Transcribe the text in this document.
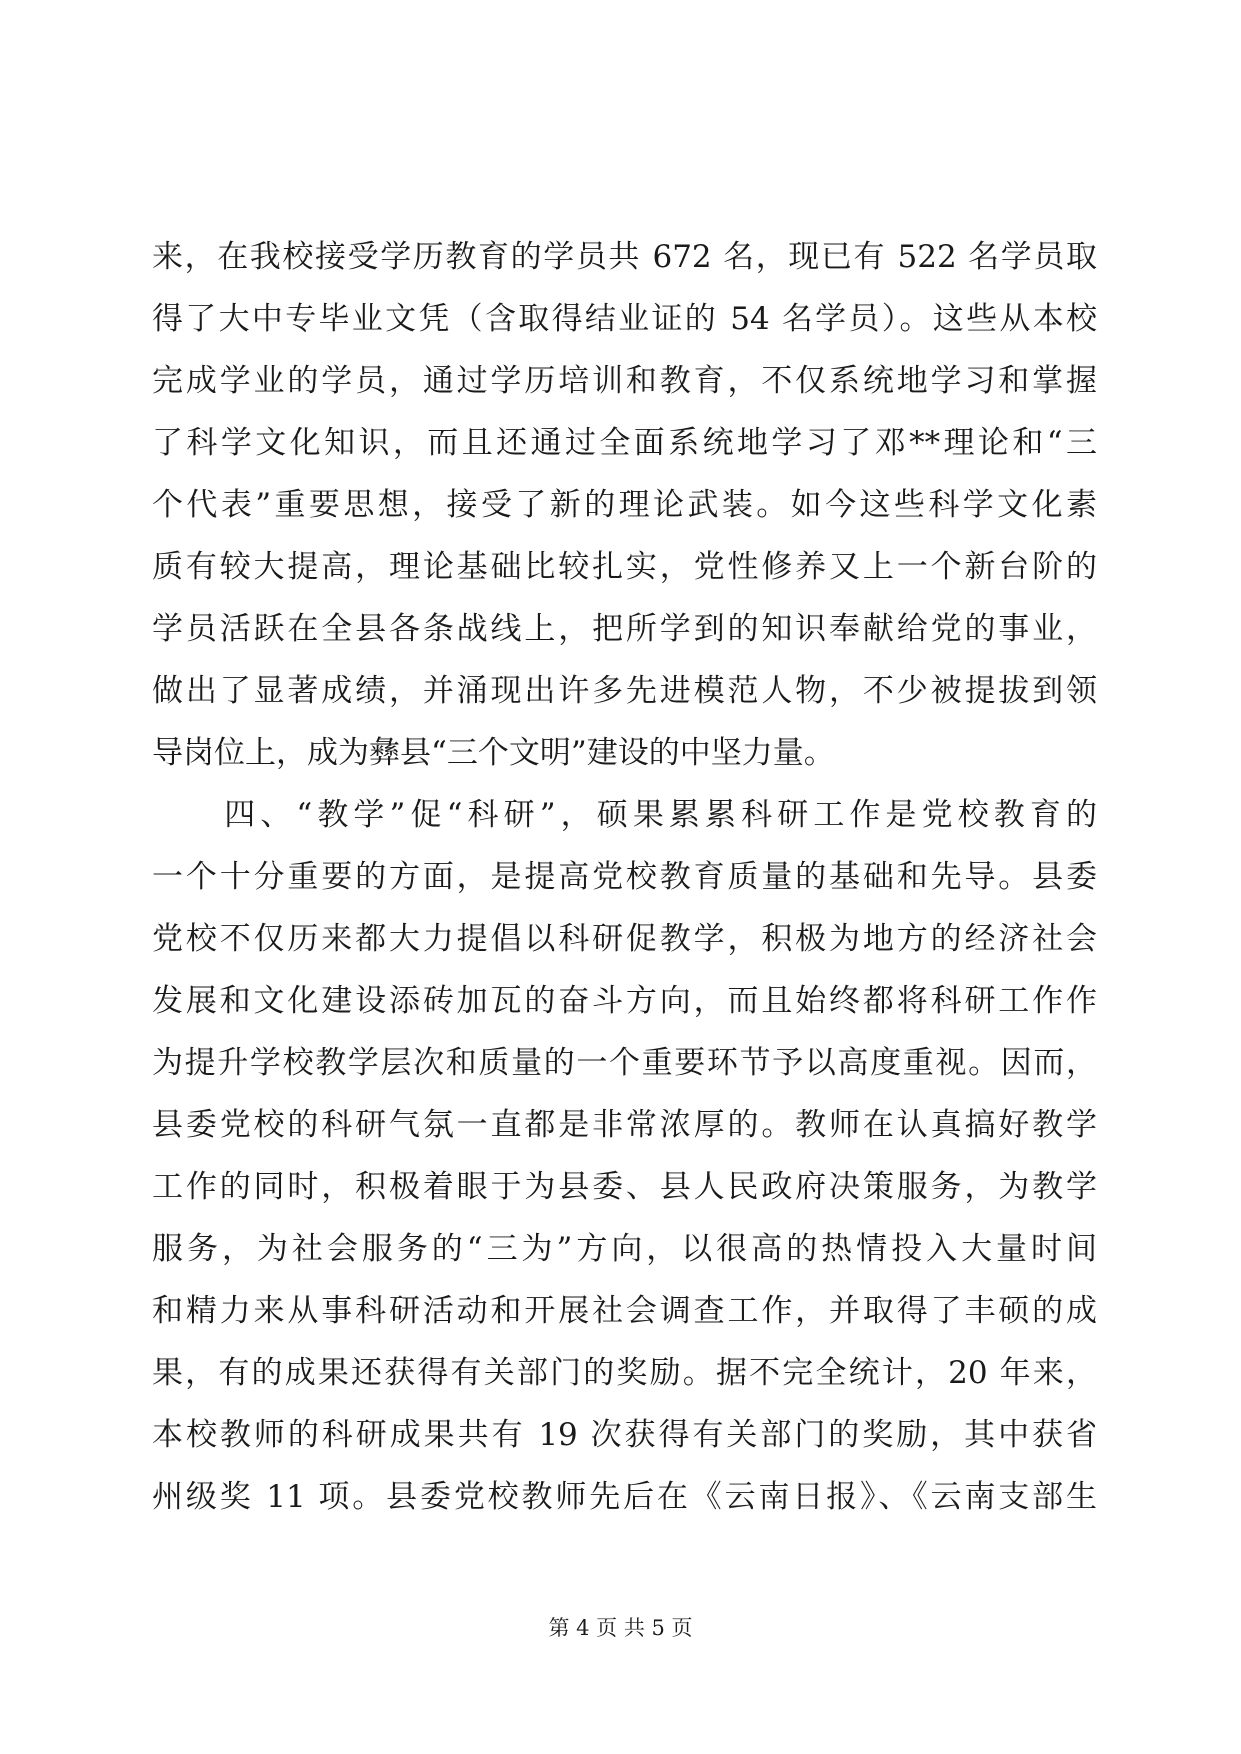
来，在我校接受学历教育的学员共 672 名，现已有 522 名学员取
得了大中专毕业文凭（含取得结业证的 54 名学员）。这些从本校
完成学业的学员，通过学历培训和教育，不仅系统地学习和掌握
了科学文化知识，而且还通过全面系统地学习了邓**理论和“三
个代表”重要思想，接受了新的理论武装。如今这些科学文化素
质有较大提高，理论基础比较扎实，党性修养又上一个新台阶的
学员活跃在全县各条战线上，把所学到的知识奉献给党的事业，
做出了显著成绩，并涌现出许多先进模范人物，不少被提拔到领
导岗位上，成为彝县“三个文明”建设的中坚力量。
　　四、“教学”促“科研”，硕果累累科研工作是党校教育的
一个十分重要的方面，是提高党校教育质量的基础和先导。县委
党校不仅历来都大力提倡以科研促教学，积极为地方的经济社会
发展和文化建设添砖加瓦的奋斗方向，而且始终都将科研工作作
为提升学校教学层次和质量的一个重要环节予以高度重视。因而，
县委党校的科研气氛一直都是非常浓厚的。教师在认真搞好教学
工作的同时，积极着眼于为县委、县人民政府决策服务，为教学
服务，为社会服务的“三为”方向，以很高的热情投入大量时间
和精力来从事科研活动和开展社会调查工作，并取得了丰硕的成
果，有的成果还获得有关部门的奖励。据不完全统计，20 年来，
本校教师的科研成果共有 19 次获得有关部门的奖励，其中获省
州级奖 11 项。县委党校教师先后在《云南日报》、《云南支部生
第 4 页 共 5 页
